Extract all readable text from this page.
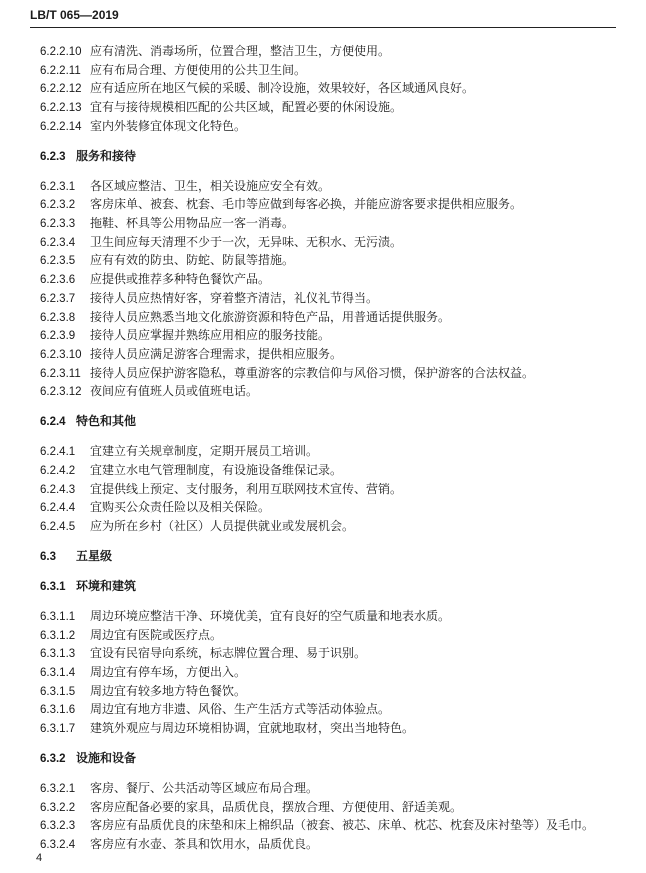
LB/T 065—2019
6.2.2.10 应有清洗、消毒场所，位置合理，整洁卫生，方便使用。
6.2.2.11 应有布局合理、方便使用的公共卫生间。
6.2.2.12 应有适应所在地区气候的采暖、制冷设施，效果较好，各区域通风良好。
6.2.2.13 宜有与接待规模相匹配的公共区域，配置必要的休闲设施。
6.2.2.14 室内外装修宜体现文化特色。
6.2.3 服务和接待
6.2.3.1 各区域应整洁、卫生，相关设施应安全有效。
6.2.3.2 客房床单、被套、枕套、毛巾等应做到每客必换，并能应游客要求提供相应服务。
6.2.3.3 拖鞋、杯具等公用物品应一客一消毒。
6.2.3.4 卫生间应每天清理不少于一次，无异味、无积水、无污渍。
6.2.3.5 应有有效的防虫、防蛇、防鼠等措施。
6.2.3.6 应提供或推荐多种特色餐饮产品。
6.2.3.7 接待人员应热情好客，穿着整齐清洁，礼仪礼节得当。
6.2.3.8 接待人员应熟悉当地文化旅游资源和特色产品，用普通话提供服务。
6.2.3.9 接待人员应掌握并熟练应用相应的服务技能。
6.2.3.10 接待人员应满足游客合理需求，提供相应服务。
6.2.3.11 接待人员应保护游客隐私，尊重游客的宗教信仰与风俗习惯，保护游客的合法权益。
6.2.3.12 夜间应有值班人员或值班电话。
6.2.4 特色和其他
6.2.4.1 宜建立有关规章制度，定期开展员工培训。
6.2.4.2 宜建立水电气管理制度，有设施设备维保记录。
6.2.4.3 宜提供线上预定、支付服务，利用互联网技术宣传、营销。
6.2.4.4 宜购买公众责任险以及相关保险。
6.2.4.5 应为所在乡村（社区）人员提供就业或发展机会。
6.3 五星级
6.3.1 环境和建筑
6.3.1.1 周边环境应整洁干净、环境优美，宜有良好的空气质量和地表水质。
6.3.1.2 周边宜有医院或医疗点。
6.3.1.3 宜设有民宿导向系统，标志牌位置合理、易于识别。
6.3.1.4 周边宜有停车场，方便出入。
6.3.1.5 周边宜有较多地方特色餐饮。
6.3.1.6 周边宜有地方非遗、风俗、生产生活方式等活动体验点。
6.3.1.7 建筑外观应与周边环境相协调，宜就地取材，突出当地特色。
6.3.2 设施和设备
6.3.2.1 客房、餐厅、公共活动等区域应布局合理。
6.3.2.2 客房应配备必要的家具，品质优良，摆放合理、方便使用、舒适美观。
6.3.2.3 客房应有品质优良的床垫和床上棉织品（被套、被芯、床单、枕芯、枕套及床衬垫等）及毛巾。
6.3.2.4 客房应有水壶、茶具和饮用水，品质优良。
4
